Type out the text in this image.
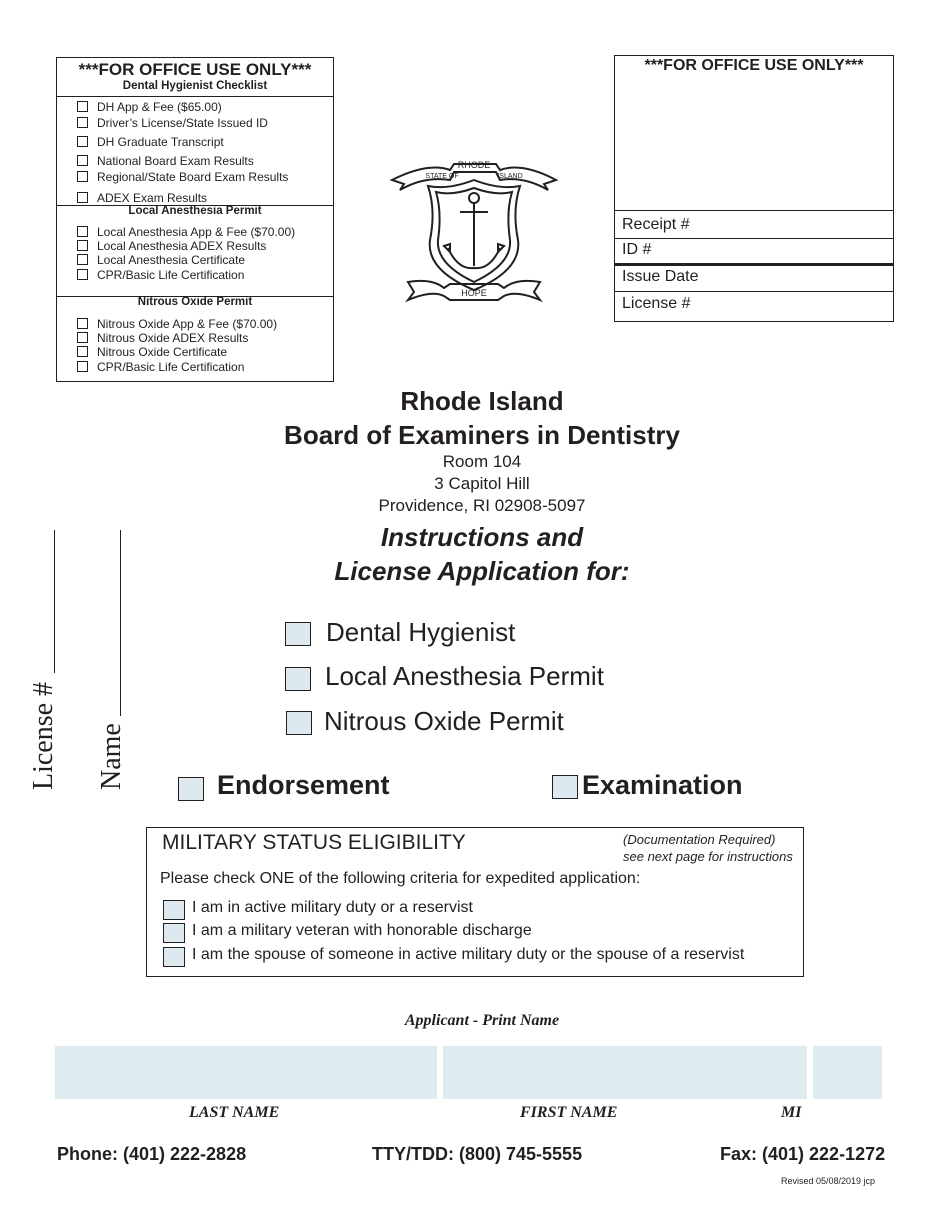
***FOR OFFICE USE ONLY***
Dental Hygienist Checklist
DH App & Fee ($65.00)
Driver’s License/State Issued ID
DH Graduate Transcript
National Board Exam Results
Regional/State Board Exam Results
ADEX Exam Results
Local Anesthesia Permit
Local Anesthesia App & Fee ($70.00)
Local Anesthesia ADEX Results
Local Anesthesia Certificate
CPR/Basic Life Certification
Nitrous Oxide Permit
Nitrous Oxide App & Fee ($70.00)
Nitrous Oxide ADEX Results
Nitrous Oxide Certificate
CPR/Basic Life Certification
RHODE
STATE OF	ISLAND
HOPE
***FOR OFFICE USE ONLY***
Receipt #
ID #
Issue Date
License #
Rhode Island
Board of Examiners in Dentistry
Room 104
3 Capitol Hill
Providence, RI 02908-5097
Instructions and
License Application for:
Dental Hygienist
Local Anesthesia Permit
Nitrous Oxide Permit
Endorsement	Examination
License # Name
MILITARY STATUS ELIGIBILITY	(Documentation Required)
see next page for instructions
Please check ONE of the following criteria for expedited application:
I am in active military duty or a reservist
I am a military veteran with honorable discharge
I am the spouse of someone in active military duty or the spouse of a reservist
Applicant - Print Name
LAST NAME	FIRST NAME	MI
Phone: (401) 222-2828	TTY/TDD: (800) 745-5555	Fax: (401) 222-1272
Revised 05/08/2019 jcp
